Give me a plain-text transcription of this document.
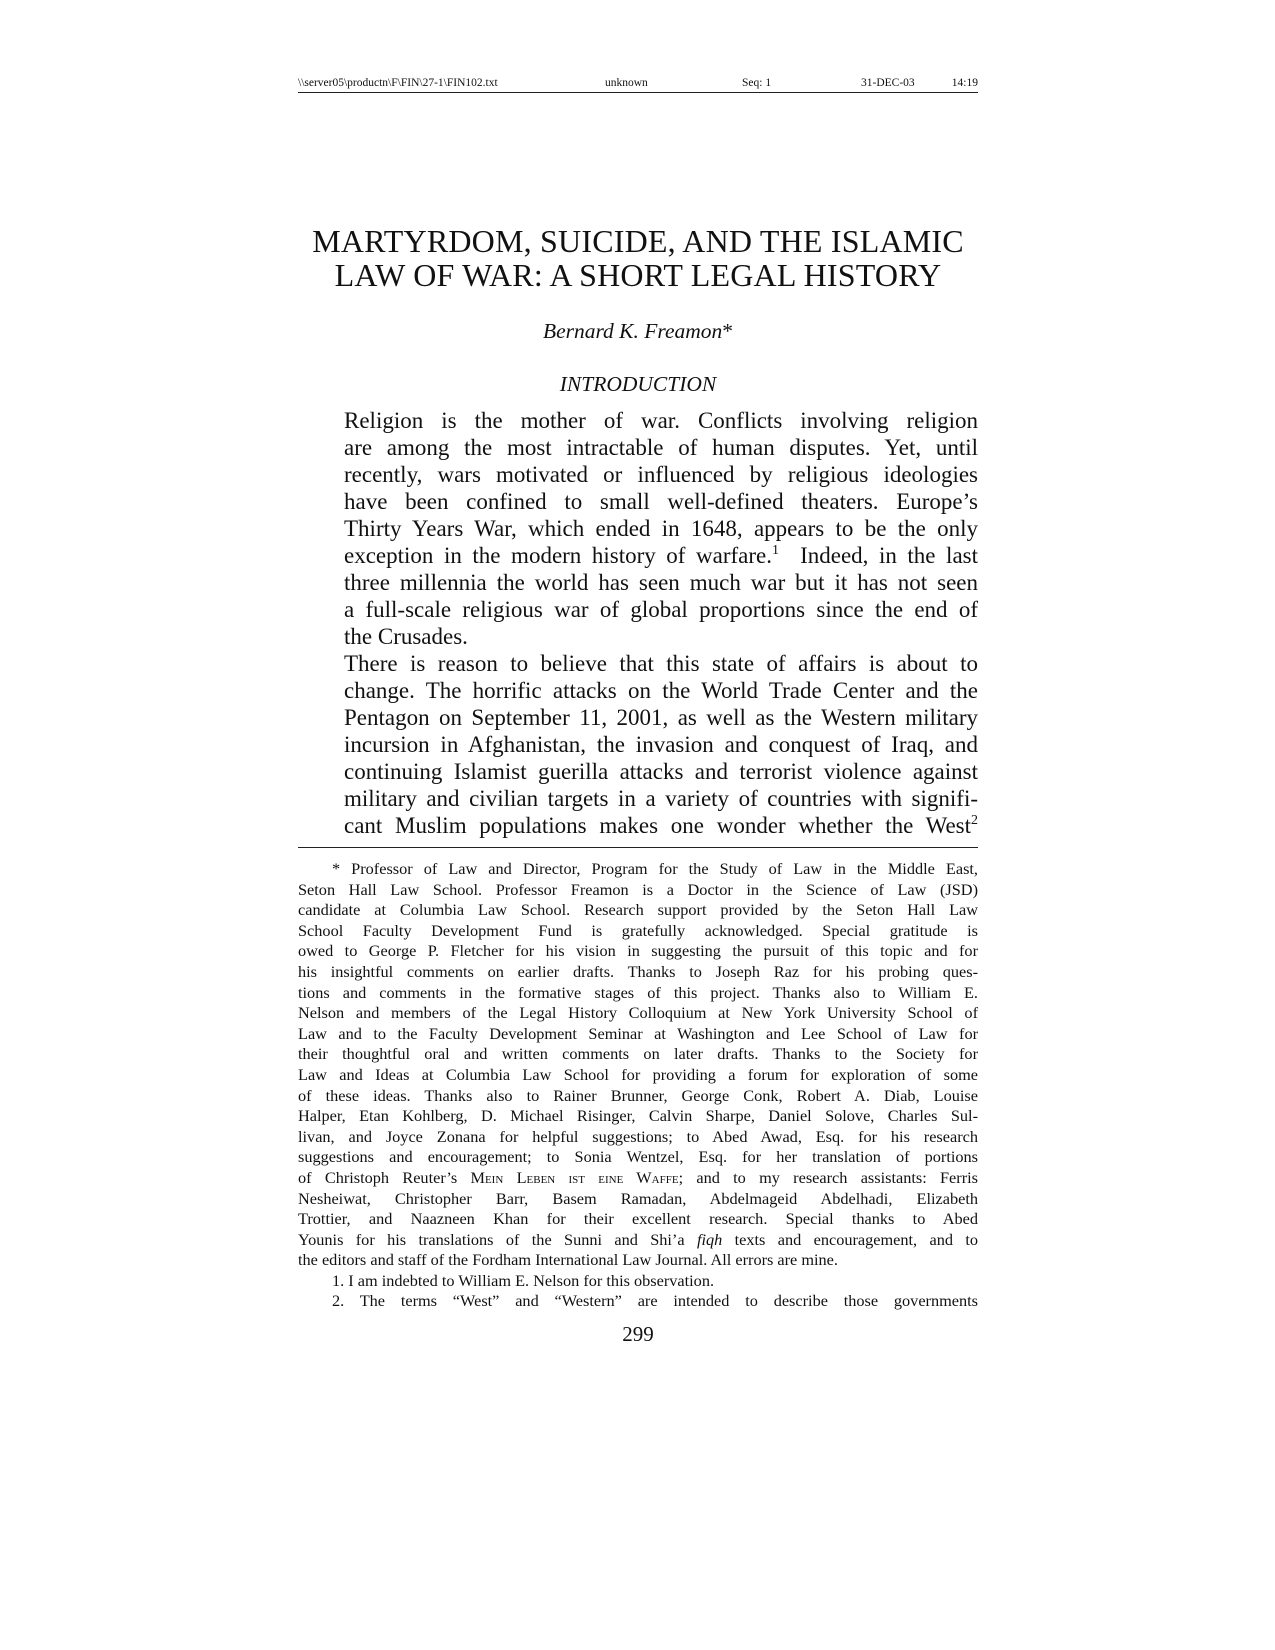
\\server05\productn\F\FIN\27-1\FIN102.txt	unknown	Seq: 1	31-DEC-03	14:19
MARTYRDOM, SUICIDE, AND THE ISLAMIC
LAW OF WAR: A SHORT LEGAL HISTORY
Bernard K. Freamon*
INTRODUCTION

Religion is the mother of war. Conflicts involving religion
are among the most intractable of human disputes. Yet, until
recently, wars motivated or influenced by religious ideologies
have been confined to small well-defined theaters. Europe’s
Thirty Years War, which ended in 1648, appears to be the only
exception in the modern history of warfare.$^1$ Indeed, in the last
three millennia the world has seen much war but it has not seen
a full-scale religious war of global proportions since the end of
the Crusades.

There is reason to believe that this state of affairs is about to
change. The horrific attacks on the World Trade Center and the
Pentagon on September 11, 2001, as well as the Western military
incursion in Afghanistan, the invasion and conquest of Iraq, and
continuing Islamist guerilla attacks and terrorist violence against
military and civilian targets in a variety of countries with signifi-
cant Muslim populations makes one wonder whether the West$^2$

* Professor of Law and Director, Program for the Study of Law in the Middle East,

Seton Hall Law School. Professor Freamon is a Doctor in the Science of Law (JSD)
candidate at Columbia Law School. Research support provided by the Seton Hall Law
School Faculty Development Fund is gratefully acknowledged. Special gratitude is
owed to George P. Fletcher for his vision in suggesting the pursuit of this topic and for
his insightful comments on earlier drafts. Thanks to Joseph Raz for his probing ques-
tions and comments in the formative stages of this project. Thanks also to William E.
Nelson and members of the Legal History Colloquium at New York University School of
Law and to the Faculty Development Seminar at Washington and Lee School of Law for
their thoughtful oral and written comments on later drafts. Thanks to the Society for
Law and Ideas at Columbia Law School for providing a forum for exploration of some
of these ideas. Thanks also to Rainer Brunner, George Conk, Robert A. Diab, Louise
Halper, Etan Kohlberg, D. Michael Risinger, Calvin Sharpe, Daniel Solove, Charles Sul-
livan, and Joyce Zonana for helpful suggestions; to Abed Awad, Esq. for his research
suggestions and encouragement; to Sonia Wentzel, Esq. for her translation of portions
of Christoph Reuter’s Mein Leben ist eine Waffe; and to my research assistants: Ferris
Nesheiwat, Christopher Barr, Basem Ramadan, Abdelmageid Abdelhadi, Elizabeth
Trottier, and Naazneen Khan for their excellent research. Special thanks to Abed
Younis for his translations of the Sunni and Shi’a fiqh texts and encouragement, and to
the editors and staff of the Fordham International Law Journal. All errors are mine.

1. I am indebted to William E. Nelson for this observation.

2. The terms “West” and “Western” are intended to describe those governments

299
